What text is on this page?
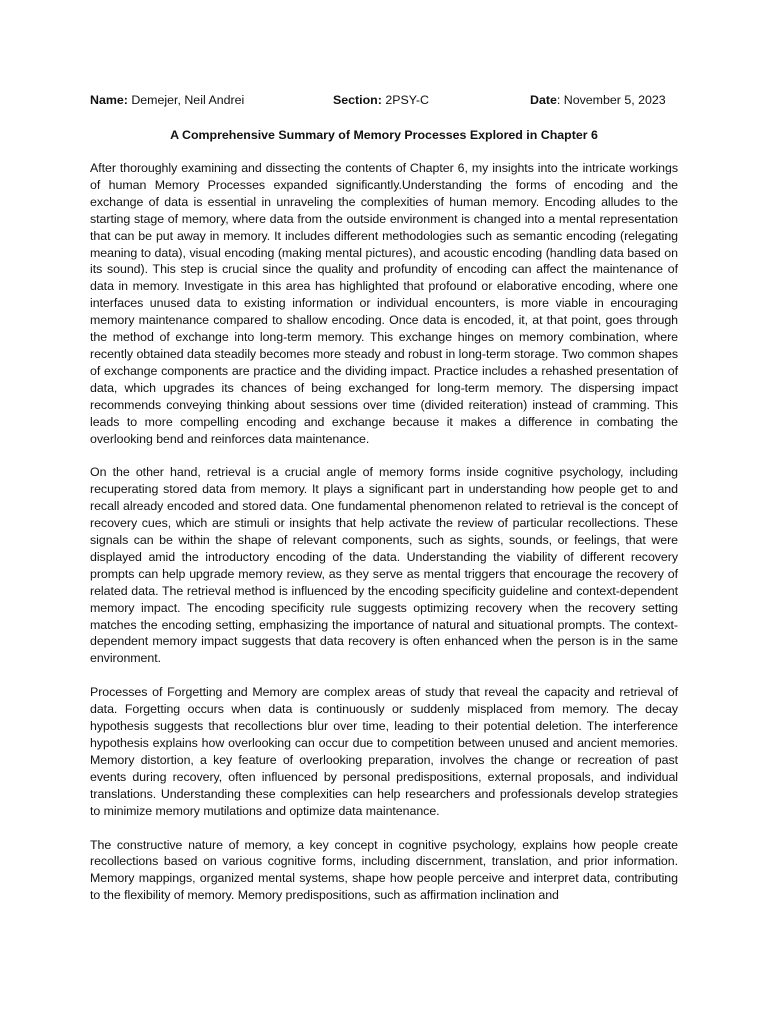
Name: Demejer, Neil Andrei	Section: 2PSY-C	Date: November 5, 2023
A Comprehensive Summary of Memory Processes Explored in Chapter 6

After thoroughly examining and dissecting the contents of Chapter 6, my insights into the intricate workings of human Memory Processes expanded significantly.Understanding the forms of encoding and the exchange of data is essential in unraveling the complexities of human memory. Encoding alludes to the starting stage of memory, where data from the outside environment is changed into a mental representation that can be put away in memory. It includes different methodologies such as semantic encoding (relegating meaning to data), visual encoding (making mental pictures), and acoustic encoding (handling data based on its sound). This step is crucial since the quality and profundity of encoding can affect the maintenance of data in memory. Investigate in this area has highlighted that profound or elaborative encoding, where one interfaces unused data to existing information or individual encounters, is more viable in encouraging memory maintenance compared to shallow encoding. Once data is encoded, it, at that point, goes through the method of exchange into long-term memory. This exchange hinges on memory combination, where recently obtained data steadily becomes more steady and robust in long-term storage. Two common shapes of exchange components are practice and the dividing impact. Practice includes a rehashed presentation of data, which upgrades its chances of being exchanged for long-term memory. The dispersing impact recommends conveying thinking about sessions over time (divided reiteration) instead of cramming. This leads to more compelling encoding and exchange because it makes a difference in combating the overlooking bend and reinforces data maintenance.

On the other hand, retrieval is a crucial angle of memory forms inside cognitive psychology, including recuperating stored data from memory. It plays a significant part in understanding how people get to and recall already encoded and stored data. One fundamental phenomenon related to retrieval is the concept of recovery cues, which are stimuli or insights that help activate the review of particular recollections. These signals can be within the shape of relevant components, such as sights, sounds, or feelings, that were displayed amid the introductory encoding of the data. Understanding the viability of different recovery prompts can help upgrade memory review, as they serve as mental triggers that encourage the recovery of related data. The retrieval method is influenced by the encoding specificity guideline and context-dependent memory impact. The encoding specificity rule suggests optimizing recovery when the recovery setting matches the encoding setting, emphasizing the importance of natural and situational prompts. The context-dependent memory impact suggests that data recovery is often enhanced when the person is in the same environment.

Processes of Forgetting and Memory are complex areas of study that reveal the capacity and retrieval of data. Forgetting occurs when data is continuously or suddenly misplaced from memory. The decay hypothesis suggests that recollections blur over time, leading to their potential deletion. The interference hypothesis explains how overlooking can occur due to competition between unused and ancient memories. Memory distortion, a key feature of overlooking preparation, involves the change or recreation of past events during recovery, often influenced by personal predispositions, external proposals, and individual translations. Understanding these complexities can help researchers and professionals develop strategies to minimize memory mutilations and optimize data maintenance.

The constructive nature of memory, a key concept in cognitive psychology, explains how people create recollections based on various cognitive forms, including discernment, translation, and prior information. Memory mappings, organized mental systems, shape how people perceive and interpret data, contributing to the flexibility of memory. Memory predispositions, such as affirmation inclination and
